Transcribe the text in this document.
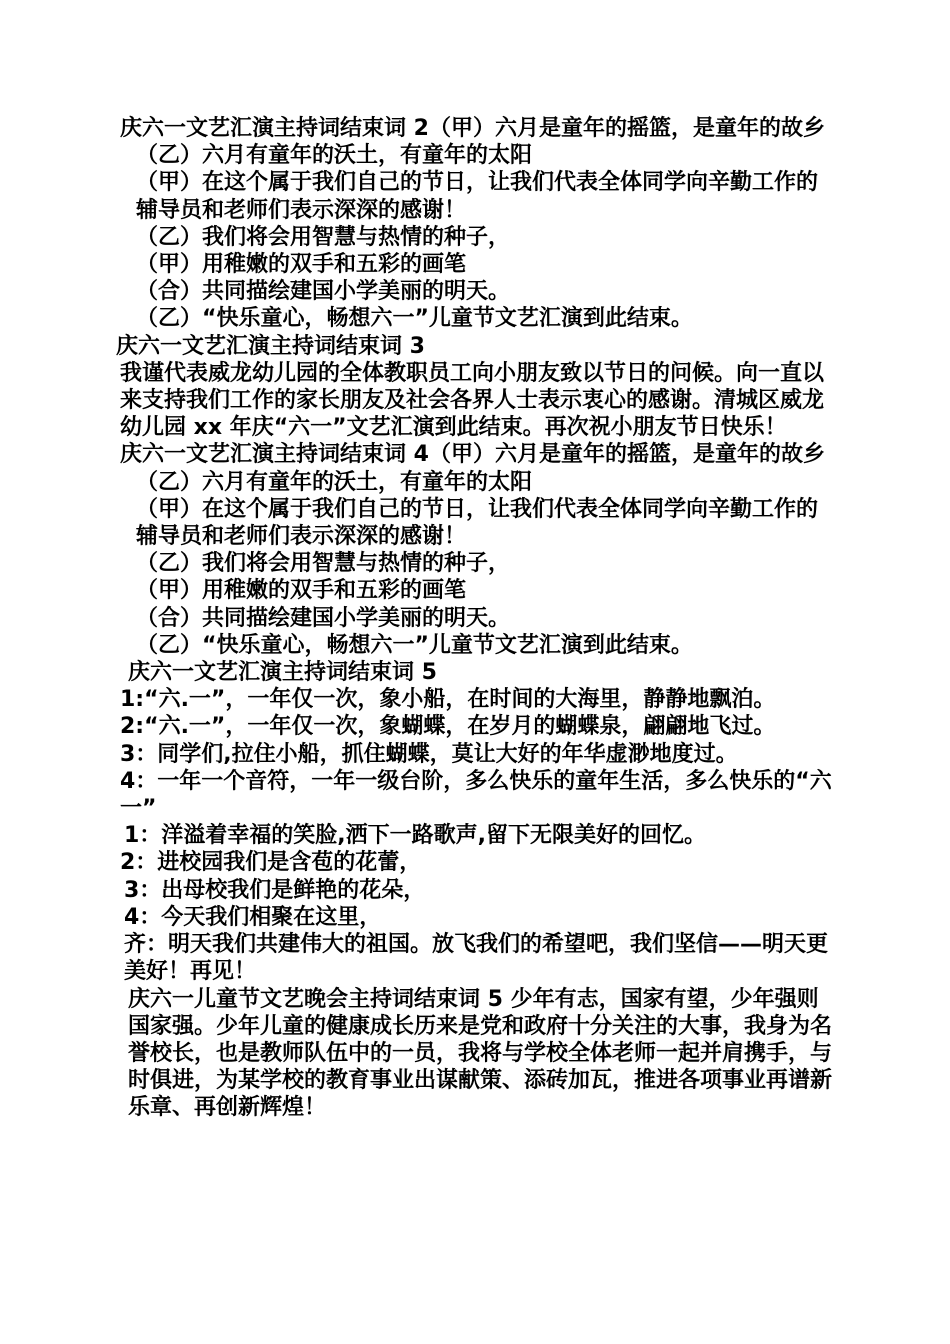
庆六一文艺汇演主持词结束词 2（甲）六月是童年的摇篮，是童年的故乡

（乙）六月有童年的沃土，有童年的太阳

（甲）在这个属于我们自己的节日，让我们代表全体同学向辛勤工作的辅导员和老师们表示深深的感谢！

（乙）我们将会用智慧与热情的种子，

（甲）用稚嫩的双手和五彩的画笔

（合）共同描绘建国小学美丽的明天。

（乙）“快乐童心，畅想六一”儿童节文艺汇演到此结束。

庆六一文艺汇演主持词结束词 3

我谨代表威龙幼儿园的全体教职员工向小朋友致以节日的问候。向一直以来支持我们工作的家长朋友及社会各界人士表示衷心的感谢。清城区威龙幼儿园 xx 年庆“六一”文艺汇演到此结束。再次祝小朋友节日快乐！

庆六一文艺汇演主持词结束词 4（甲）六月是童年的摇篮，是童年的故乡

（乙）六月有童年的沃土，有童年的太阳

（甲）在这个属于我们自己的节日，让我们代表全体同学向辛勤工作的辅导员和老师们表示深深的感谢！

（乙）我们将会用智慧与热情的种子，

（甲）用稚嫩的双手和五彩的画笔

（合）共同描绘建国小学美丽的明天。

（乙）“快乐童心，畅想六一”儿童节文艺汇演到此结束。

庆六一文艺汇演主持词结束词 5

1:“六.一”，一年仅一次，象小船，在时间的大海里，静静地飘泊。

2:“六.一”，一年仅一次，象蝴蝶，在岁月的蝴蝶泉，翩翩地飞过。

3：同学们,拉住小船，抓住蝴蝶，莫让大好的年华虚渺地度过。

4：一年一个音符，一年一级台阶，多么快乐的童年生活，多么快乐的“六一”

1：洋溢着幸福的笑脸,洒下一路歌声,留下无限美好的回忆。

2：进校园我们是含苞的花蕾，

3：出母校我们是鲜艳的花朵，

4：今天我们相聚在这里，

齐：明天我们共建伟大的祖国。放飞我们的希望吧，我们坚信——明天更美好！再见！

庆六一儿童节文艺晚会主持词结束词 5 少年有志，国家有望，少年强则国家强。少年儿童的健康成长历来是党和政府十分关注的大事，我身为名誉校长，也是教师队伍中的一员，我将与学校全体老师一起并肩携手，与时俱进，为某学校的教育事业出谋献策、添砖加瓦，推进各项事业再谱新乐章、再创新辉煌！
